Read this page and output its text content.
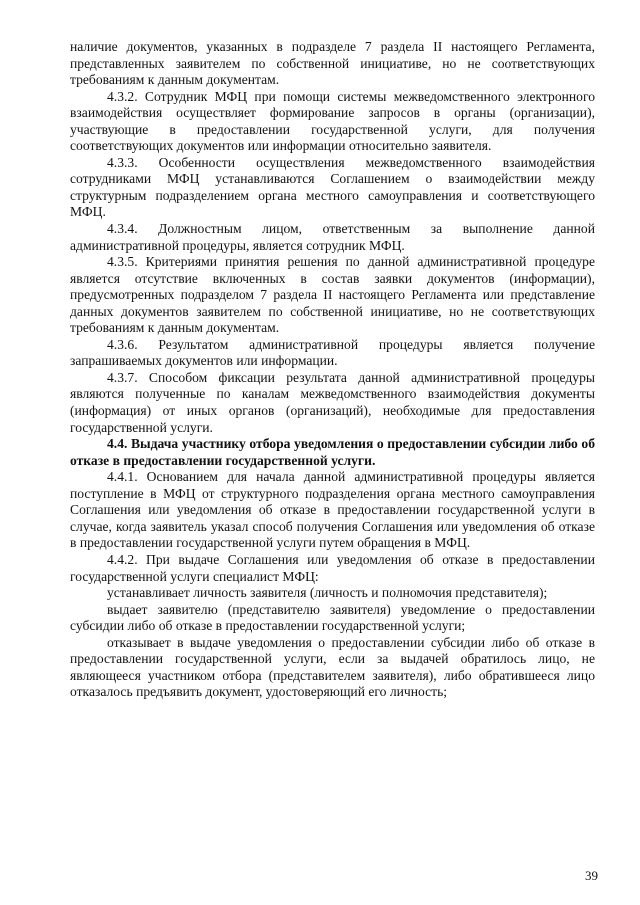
наличие документов, указанных в подразделе 7 раздела II настоящего Регламента, представленных заявителем по собственной инициативе, но не соответствующих требованиям к данным документам.

4.3.2. Сотрудник МФЦ при помощи системы межведомственного электронного взаимодействия осуществляет формирование запросов в органы (организации), участвующие в предоставлении государственной услуги, для получения соответствующих документов или информации относительно заявителя.

4.3.3. Особенности осуществления межведомственного взаимодействия сотрудниками МФЦ устанавливаются Соглашением о взаимодействии между структурным подразделением органа местного самоуправления и соответствующего МФЦ.

4.3.4. Должностным лицом, ответственным за выполнение данной административной процедуры, является сотрудник МФЦ.

4.3.5. Критериями принятия решения по данной административной процедуре является отсутствие включенных в состав заявки документов (информации), предусмотренных подразделом 7 раздела II настоящего Регламента или представление данных документов заявителем по собственной инициативе, но не соответствующих требованиям к данным документам.

4.3.6. Результатом административной процедуры является получение запрашиваемых документов или информации.

4.3.7. Способом фиксации результата данной административной процедуры являются полученные по каналам межведомственного взаимодействия документы (информация) от иных органов (организаций), необходимые для предоставления государственной услуги.

4.4. Выдача участнику отбора уведомления о предоставлении субсидии либо об отказе в предоставлении государственной услуги.

4.4.1. Основанием для начала данной административной процедуры является поступление в МФЦ от структурного подразделения органа местного самоуправления Соглашения или уведомления об отказе в предоставлении государственной услуги в случае, когда заявитель указал способ получения Соглашения или уведомления об отказе в предоставлении государственной услуги путем обращения в МФЦ.

4.4.2. При выдаче Соглашения или уведомления об отказе в предоставлении государственной услуги специалист МФЦ:

устанавливает личность заявителя (личность и полномочия представителя);

выдает заявителю (представителю заявителя) уведомление о предоставлении субсидии либо об отказе в предоставлении государственной услуги;

отказывает в выдаче уведомления о предоставлении субсидии либо об отказе в предоставлении государственной услуги, если за выдачей обратилось лицо, не являющееся участником отбора (представителем заявителя), либо обратившееся лицо отказалось предъявить документ, удостоверяющий его личность;

39
